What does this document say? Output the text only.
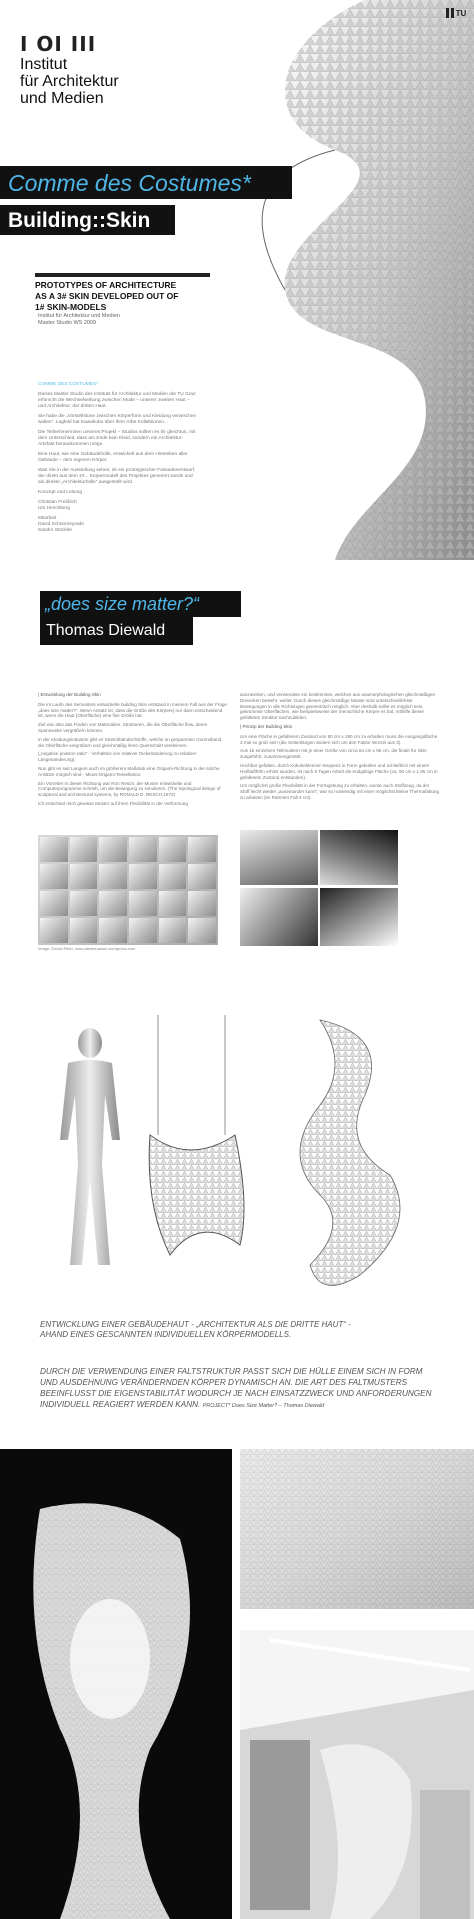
TU
I OI III
Institut
für Architektur
und Medien
Comme des Costumes*
Building::Skin
PROTOTYPES OF ARCHITECTURE
AS A 3# SKIN DEVELOPED OUT OF
1# SKIN-MODELS
Institut für Architektur und Medien
Master Studio WS 2009

COMME DES COSTUMES*

Dieses Master Studio des Instituts für Architektur und Medien der TU Graz erforscht die Wechselwirkung zwischen Mode – unserer zweiten Haut – und Architektur, der dritten Haut.

Sie habe die „Vorstellstone zwischen Körperform und Kleidung verwischen wollen“. Lagfeld hat Kawakubo über ihrer Arbe Kollektionen...

Die Teilnehmerinnen unseres Projekt – Studios sollten es ihr gleichtun, mit dem Unterschied, dass am Ende kein Kleid, sondern ein Architektur-Artefakt herauskommen möge.

Eine Haut, wie eine Gebäudehülle, entwickelt aus dem Hintreiben aller Gebäude – dem eigenen Körper.

Was Sie in der Ausstellung sehen, ist ein prototypischer Fassadenentwurf, der direkt aus dem 1#... Körpermodell des Projektes generiert wurde und als direkte „Architekturhülle“ ausgestellt wird.

Konzept und Leitung

Christian Freißlich
Urs Hirschberg

Mitarbeit
David Schönmeyrade
Sandro Stöckler

„does size matter?“
Thomas Diewald

| Entwicklung der Building Skin

Die im Laufe des Semesters entwickelte building Skin entstand in meinem Fall aus der Frage „does size matter?“. Wenn Ansatz ist, dass die Größe des Körpers) nur dann entscheidend ist, wenn die Haut (Oberfläche) eine fixe Größe hat.

Ziel war also das Finden von Materialien, Strukturen, die die Oberfläche flow, deren Spannweite vergrößern können.

In der Kleidungsindustrie gibt es Stretchbänder/Stoffe, welche im gespannten Gummiband, die Oberfläche vergrößern und gleichmäßig ihren Querschnitt verkleinern.

(„negative poisson ratio“ - Verhältnis von relativer Dickenänderung zu relativer Längenänderung).

Nun gibt es seit Langem auch im größerem Maßstab eine Origami-Richtung in der solche Ansätze möglich sind - Miura-Origami-Tessellation.

Ein Vorreiter in dieser Richtung war Ron Resch, der Muster entwickelte und Computerprogramme schrieb, um die Bewegung zu simulieren. (The topological design of sculptural and architectural systems, by RONALD D. RESCH,1973)

Ich entschied mich gewisse Muster auf ihren Flexibilität in der Verformung

auszutesten, und verwendete ein bestimmtes, welches aus anamorphologischen gleichmäßigen Dreiecken besteht. weiter. Durch dieses gleichmäßige Muster sind unterschiedlichste Bewegungen in alle Richtungen geometrisch möglich. Aber deshalb sollte es möglich sein, gekrümmte Oberflächen, wie beispielsweise der menschliche Körper es hat, mithilfe dieser gefalteten Struktur nachzubilden.

| Prinzip der Building Skin

Um eine Fläche in gefaltetem Zustand von 90 cm x 190 cm zu erhalten muss die Ausgangsfläche 3 mal so groß sein (die Seitenlängen ändern sich um den Faktor Wurzel aus 3).

Aus 16 einzelnen Teilmustern mit je einer Größe von circa 64 cm x 95 cm, die finale fur Skin zusgeführt, zusammengenäht.

Hochbar gefalten, durch Kokokeblenner-Sequenz in Form gebulten und schließlich mit einem Heißluftföhn erhitzt wurden, ist nach 5 Tagen Arbeit die endgültige Fläche (ca. 90 cm x 1,95 cm in gefaltetem Zustand entstanden).

Um möglichst große Flexibilität in der Formgebung zu erhalten, wurde auch Stoffzeug, da der Stoff leicht wieder „auseinander kann“; war so notwendig mit einer möglichst kleine Thermafaltung zu arbeiten (im Rahmen Fall 4 cm).

Image: Daniel Piker, www.atelierhansel.wordpress.com
ENTWICKLUNG EINER GEBÄUDEHAUT - „ARCHITEKTUR ALS DIE DRITTE HAUT“ -
AHAND EINES GESCANNTEN INDIVIDUELLEN KÖRPERMODELLS.
DURCH DIE VERWENDUNG EINER FALTSTRUKTUR PASST SICH DIE HÜLLE EINEM SICH IN FORM UND AUSDEHNUNG VERÄNDERNDEN KÖRPER DYNAMISCH AN. DIE ART DES FALTMUSTERS BEEINFLUSST DIE EIGENSTABILITÄT WODURCH JE NACH EINSATZZWECK UND ANFORDERUNGEN INDIVIDUELL REAGIERT WERDEN KANN. PROJECT* Does Size Matter? – Thomas Diewald
